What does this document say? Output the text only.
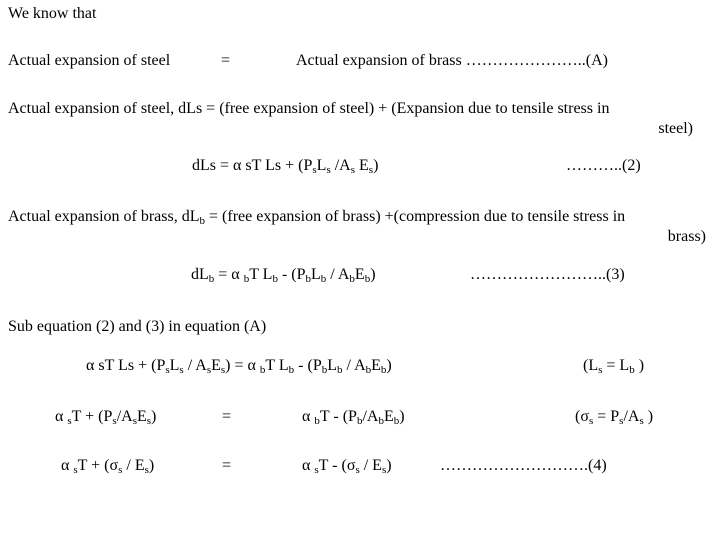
We know that
Actual expansion of steel	=	Actual expansion of brass …………………..(A)
Actual expansion of steel, dLs = (free expansion of steel) + (Expansion due to tensile stress in
steel)
dLs = α sT $Ls + (P_sL_s$ $/A_s$ $E_s$)	………..(2)
Actual expansion of brass, $dL_b$ = (free expansion of brass) +(compression due to tensile stress in
brass)
$dL_b = \alpha$ $_b$T $L_b - (P_bL_b / A_bE_b)$	……………………..(3)
Sub equation (2) and (3) in equation (A)
α sT $Ls + (P_sL_s / A_sE_s) = \alpha$ $_b$T $L_b - (P_bL_b / A_bE_b)$	($L_s = L_b$ )
α $_sT + (P_s/A_sE_s)$	=	α $_bT - (P_b/A_bE_b)$	($\sigma_s = P_s/A_s$ )
α $_sT + (\sigma_s / E_s)$	=	α $_sT - (\sigma_s / E_s)$	……………………….(4)
